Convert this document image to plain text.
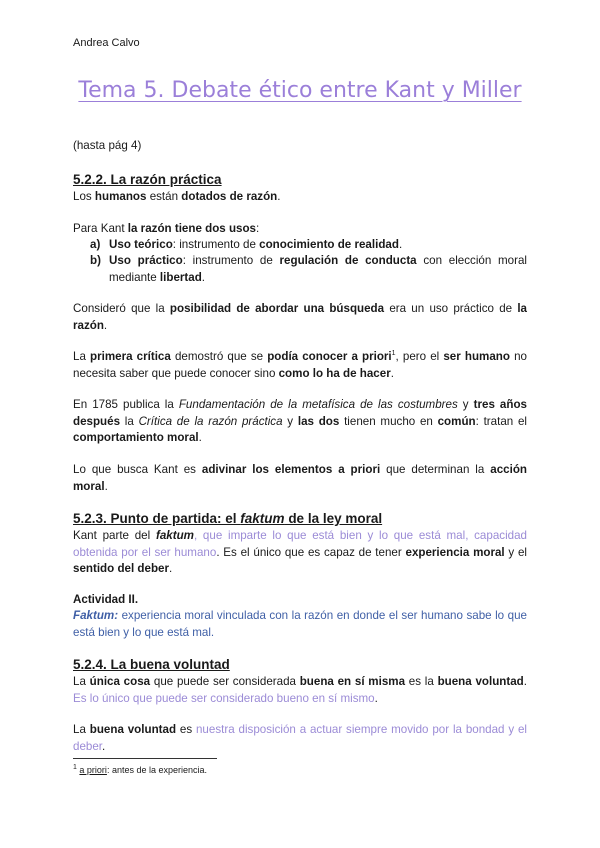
Andrea Calvo
Tema 5. Debate ético entre Kant y Miller
(hasta pág 4)
5.2.2. La razón práctica
Los humanos están dotados de razón.
Para Kant la razón tiene dos usos:
a) Uso teórico: instrumento de conocimiento de realidad.
b) Uso práctico: instrumento de regulación de conducta con elección moral mediante libertad.
Consideró que la posibilidad de abordar una búsqueda era un uso práctico de la razón.
La primera crítica demostró que se podía conocer a priori$^1$, pero el ser humano no necesita saber que puede conocer sino como lo ha de hacer.
En 1785 publica la Fundamentación de la metafísica de las costumbres y tres años después la Crítica de la razón práctica y las dos tienen mucho en común: tratan el comportamiento moral.
Lo que busca Kant es adivinar los elementos a priori que determinan la acción moral.
5.2.3. Punto de partida: el faktum de la ley moral
Kant parte del faktum, que imparte lo que está bien y lo que está mal, capacidad obtenida por el ser humano. Es el único que es capaz de tener experiencia moral y el sentido del deber.
Actividad II.
Faktum: experiencia moral vinculada con la razón en donde el ser humano sabe lo que está bien y lo que está mal.
5.2.4. La buena voluntad
La única cosa que puede ser considerada buena en sí misma es la buena voluntad. Es lo único que puede ser considerado bueno en sí mismo.
La buena voluntad es nuestra disposición a actuar siempre movido por la bondad y el deber.
$^1$ a priori: antes de la experiencia.
